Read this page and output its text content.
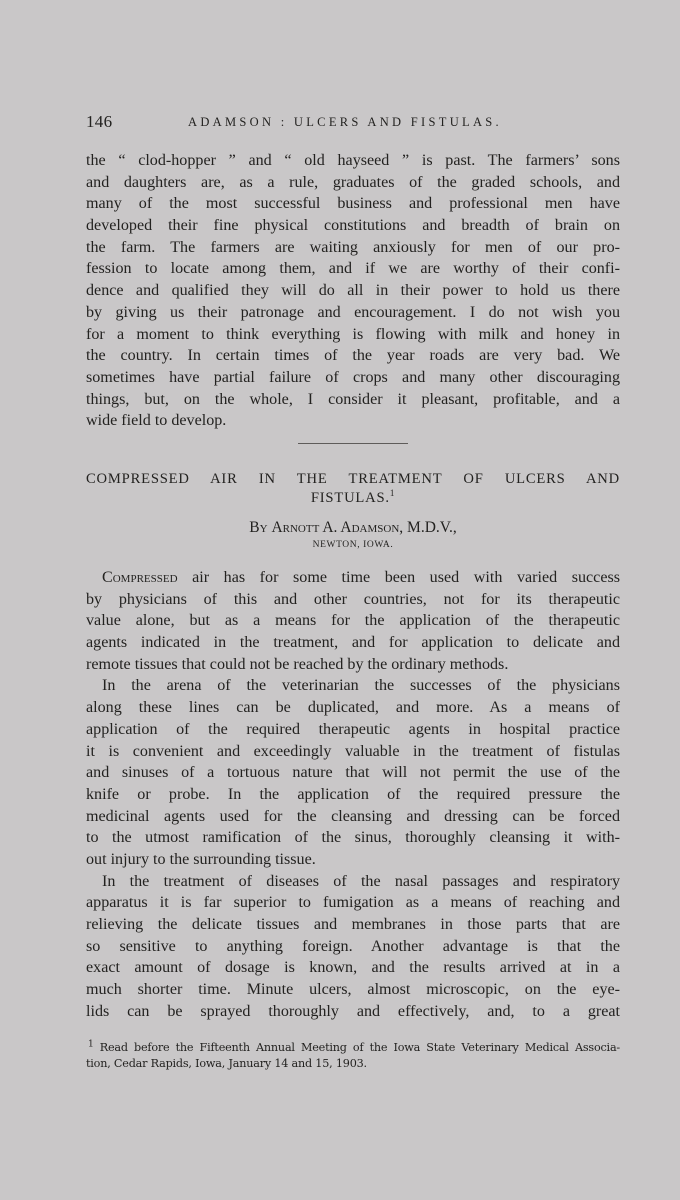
146	ADAMSON : ULCERS AND FISTULAS.
the “ clod-hopper ” and “ old hayseed ” is past. The farmers’ sons
and daughters are, as a rule, graduates of the graded schools, and
many of the most successful business and professional men have
developed their fine physical constitutions and breadth of brain on
the farm. The farmers are waiting anxiously for men of our pro-
fession to locate among them, and if we are worthy of their confi-
dence and qualified they will do all in their power to hold us there
by giving us their patronage and encouragement. I do not wish you
for a moment to think everything is flowing with milk and honey in
the country. In certain times of the year roads are very bad. We
sometimes have partial failure of crops and many other discouraging
things, but, on the whole, I consider it pleasant, profitable, and a
wide field to develop.
COMPRESSED AIR IN THE TREATMENT OF ULCERS AND
FISTULAS.$^1$
By Arnott A. Adamson, M.D.V.,
NEWTON, IOWA.
Compressed air has for some time been used with varied success
by physicians of this and other countries, not for its therapeutic
value alone, but as a means for the application of the therapeutic
agents indicated in the treatment, and for application to delicate and
remote tissues that could not be reached by the ordinary methods.
In the arena of the veterinarian the successes of the physicians
along these lines can be duplicated, and more. As a means of
application of the required therapeutic agents in hospital practice
it is convenient and exceedingly valuable in the treatment of fistulas
and sinuses of a tortuous nature that will not permit the use of the
knife or probe. In the application of the required pressure the
medicinal agents used for the cleansing and dressing can be forced
to the utmost ramification of the sinus, thoroughly cleansing it with-
out injury to the surrounding tissue.
In the treatment of diseases of the nasal passages and respiratory
apparatus it is far superior to fumigation as a means of reaching and
relieving the delicate tissues and membranes in those parts that are
so sensitive to anything foreign. Another advantage is that the
exact amount of dosage is known, and the results arrived at in a
much shorter time. Minute ulcers, almost microscopic, on the eye-
lids can be sprayed thoroughly and effectively, and, to a great
$^1$ Read before the Fifteenth Annual Meeting of the Iowa State Veterinary Medical Associa-
tion, Cedar Rapids, Iowa, January 14 and 15, 1903.
